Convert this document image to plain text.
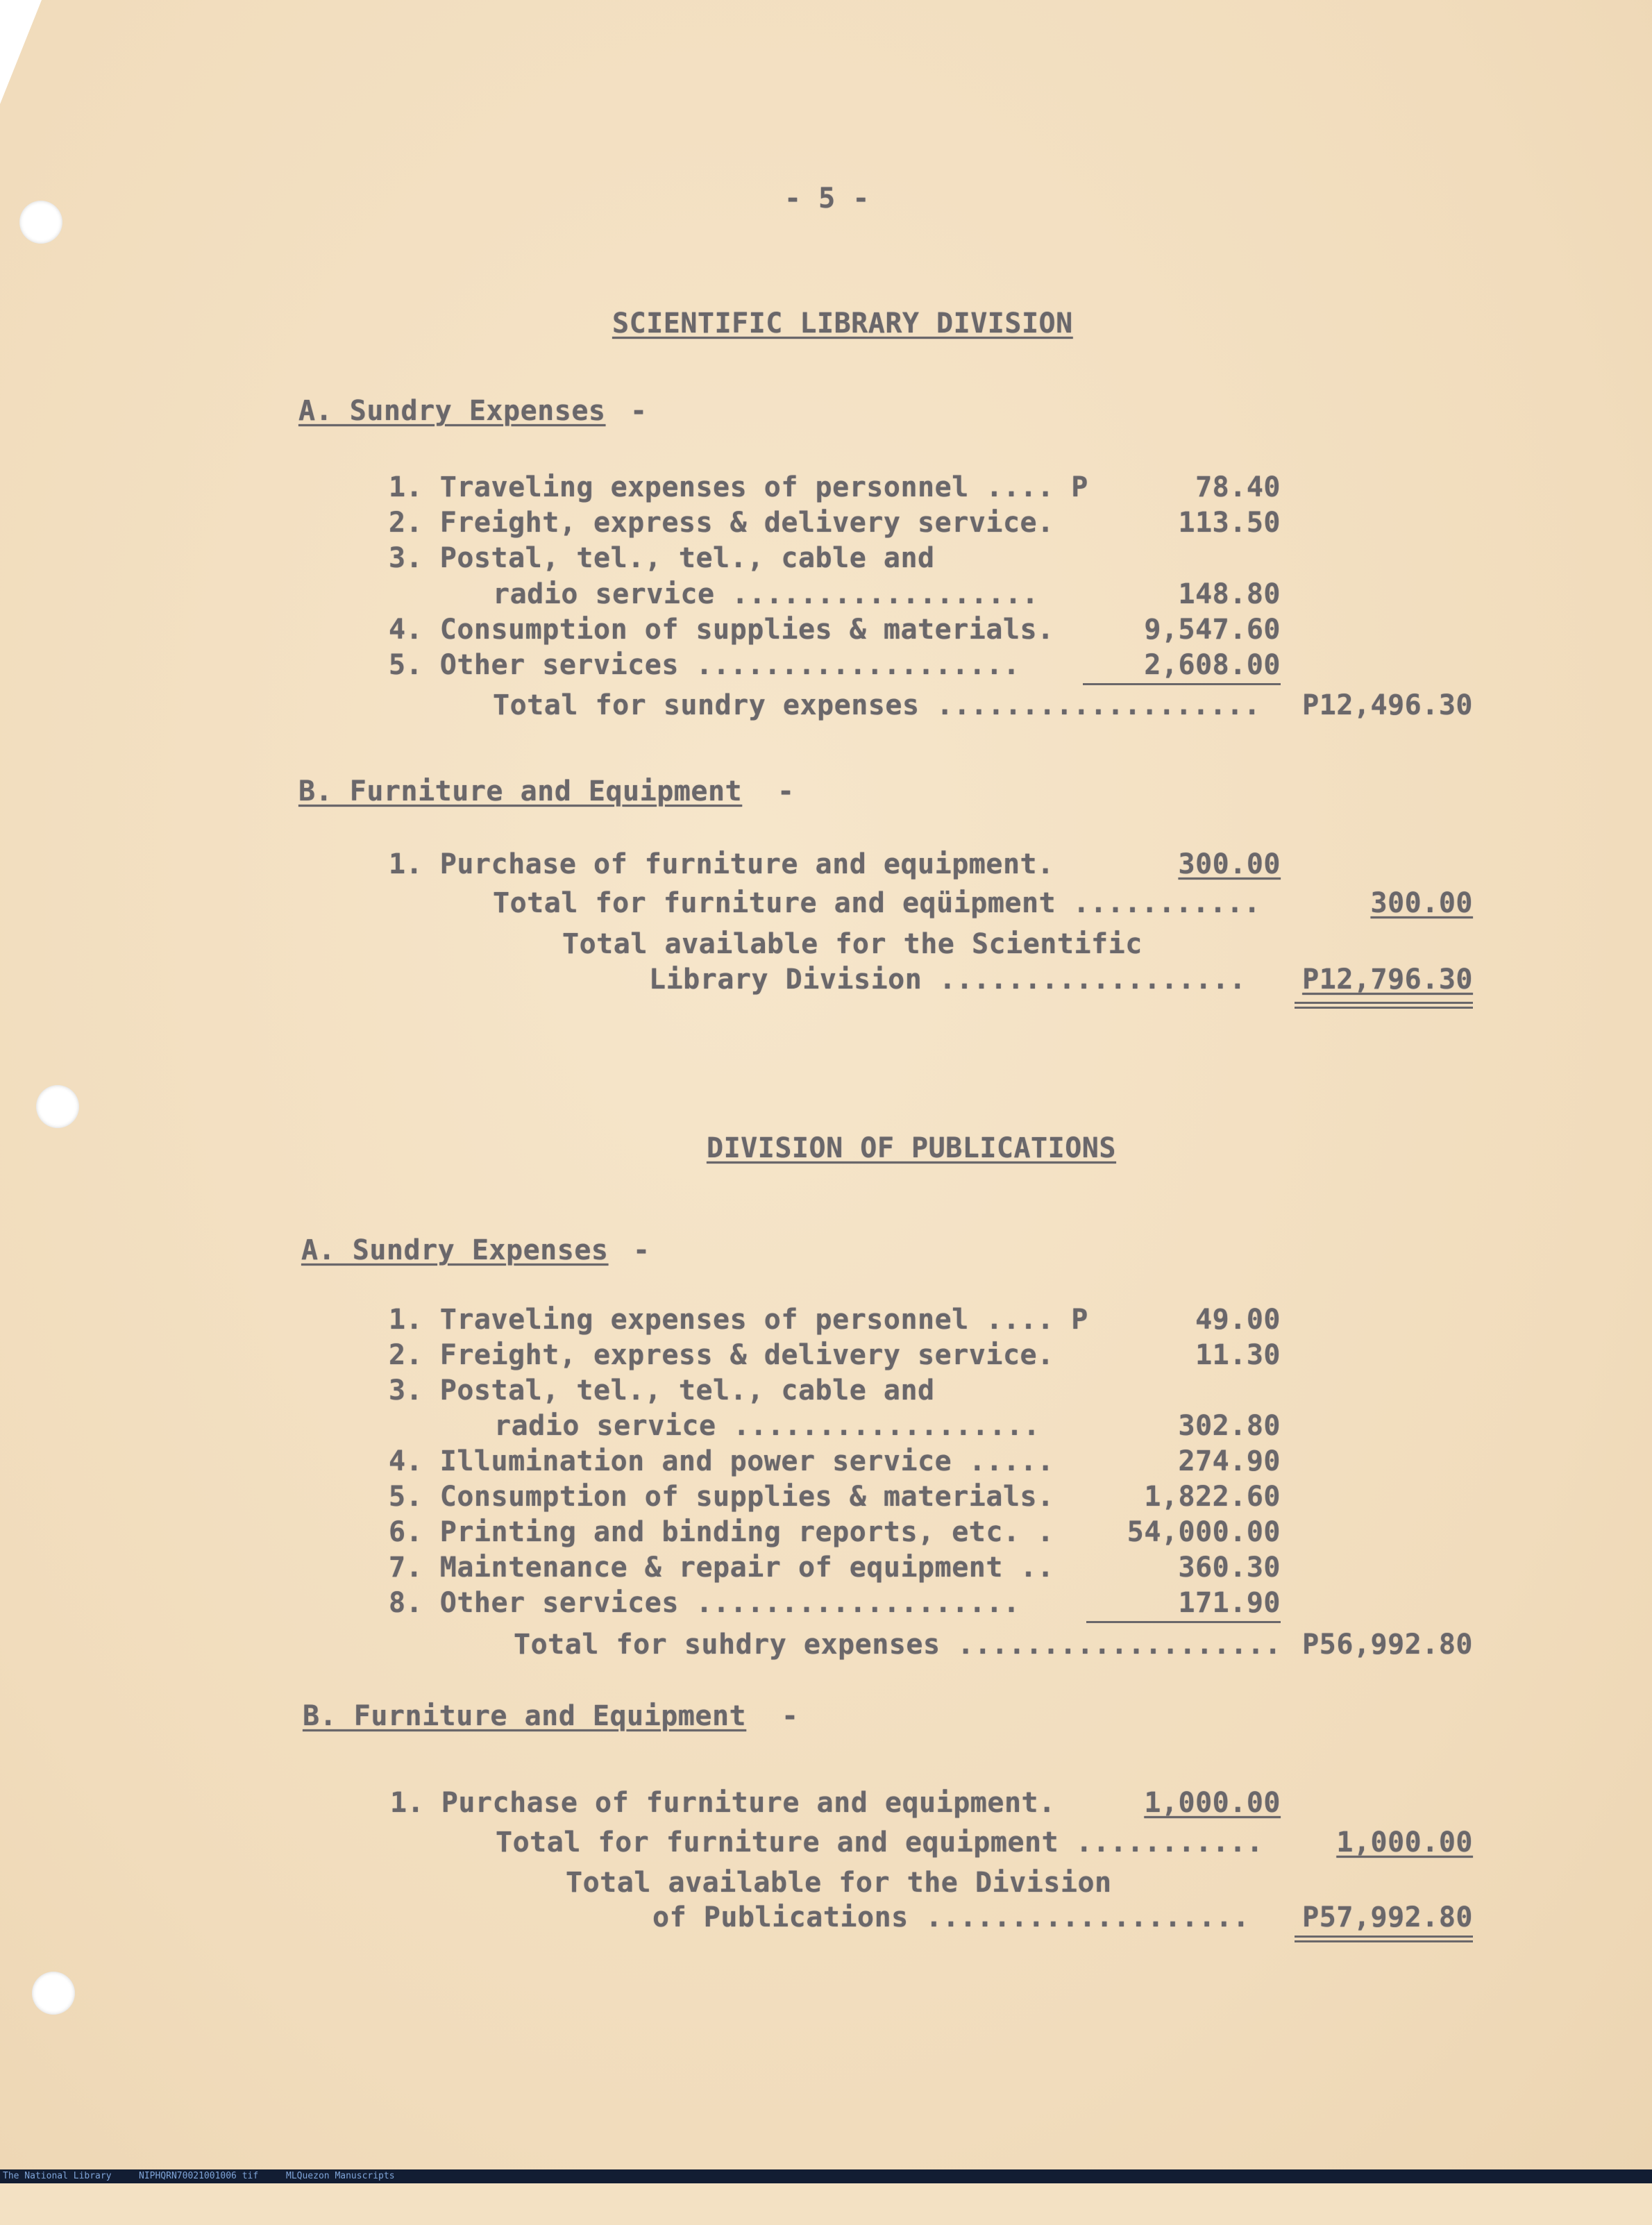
- 5 -
SCIENTIFIC LIBRARY DIVISION
A. Sundry Expenses -
1. Traveling expenses of personnel .... P	78.40
2. Freight, express & delivery service.	113.50
3. Postal, tel., tel., cable and
radio service ..................	148.80
4. Consumption of supplies & materials.	9,547.60
5. Other services ...................	2,608.00
Total for sundry expenses ...................	P12,496.30
B. Furniture and Equipment -
1. Purchase of furniture and equipment.	300.00
Total for furniture and eqüipment ...........	300.00
Total available for the Scientific
Library Division ..................	P12,796.30
DIVISION OF PUBLICATIONS
A. Sundry Expenses -
1. Traveling expenses of personnel .... P	49.00
2. Freight, express & delivery service.	11.30
3. Postal, tel., tel., cable and
radio service ..................	302.80
4. Illumination and power service .....	274.90
5. Consumption of supplies & materials.	1,822.60
6. Printing and binding reports, etc. .	54,000.00
7. Maintenance & repair of equipment ..	360.30
8. Other services ...................	171.90
Total for suhdry expenses ................... P56,992.80
B. Furniture and Equipment -
1. Purchase of furniture and equipment.	1,000.00
Total for furniture and equipment ...........	1,000.00
Total available for the Division
of Publications ...................	P57,992.80

The National Library

	NIPHQRN70021001006 tif

	MLQuezon Manuscripts
